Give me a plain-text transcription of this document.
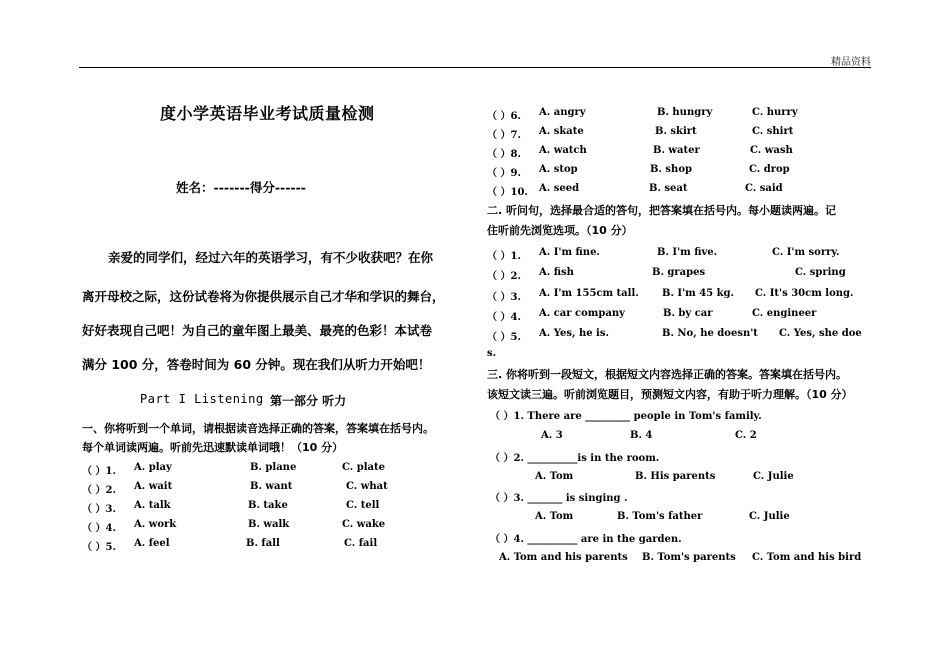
精品资料
度小学英语毕业考试质量检测
姓名：-------得分------
亲爱的同学们，经过六年的英语学习，有不少收获吧？在你
离开母校之际，这份试卷将为你提供展示自己才华和学识的舞台，
好好表现自己吧！为自己的童年图上最美、最亮的色彩！本试卷
满分 100 分，答卷时间为 60 分钟。现在我们从听力开始吧！
Part I Listening 第一部分 听力
一、你将听到一个单词，请根据读音选择正确的答案，答案填在括号内。
每个单词读两遍。听前先迅速默读单词哦！（10 分）
（ ）1. A. play	B. plane	C. plate
（ ）2. A. wait	B. want	C. what
（ ）3. A. talk	B. take	C. tell
（ ）4. A. work	B. walk	C. wake
（ ）5. A. feel	B. fall	C. fail
（ ）6. A. angry	B. hungry	C. hurry
（ ）7. A. skate	B. skirt	C. shirt
（ ）8. A. watch	B. water	C. wash
（ ）9. A. stop	B. shop	C. drop
（ ）10. A. seed	B. seat	C. said
二. 听问句，选择最合适的答句，把答案填在括号内。每小题读两遍。记
住听前先浏览选项。（10 分）
（ ）1. A. I'm fine.	B. I'm five.	C. I'm sorry.
（ ）2. A. fish	B. grapes	C. spring
（ ）3. A. I'm 155cm tall. B. I'm 45 kg. C. It's 30cm long.
（ ）4. A. car company	B. by car	C. engineer
（ ）5. A. Yes, he is.	B. No, he doesn't C. Yes, she doe
s.
三. 你将听到一段短文，根据短文内容选择正确的答案。答案填在括号内。
该短文读三遍。听前浏览题目，预测短文内容，有助于听力理解。（10 分）
（ ）1. There are _________ people in Tom's family.
A. 3	B. 4	C. 2
（ ）2. __________is in the room.
A. Tom	B. His parents	C. Julie
（ ）3. _______ is singing .
A. Tom	B. Tom's father	C. Julie
（ ）4. __________ are in the garden.
A. Tom and his parents B. Tom's parents C. Tom and his bird
